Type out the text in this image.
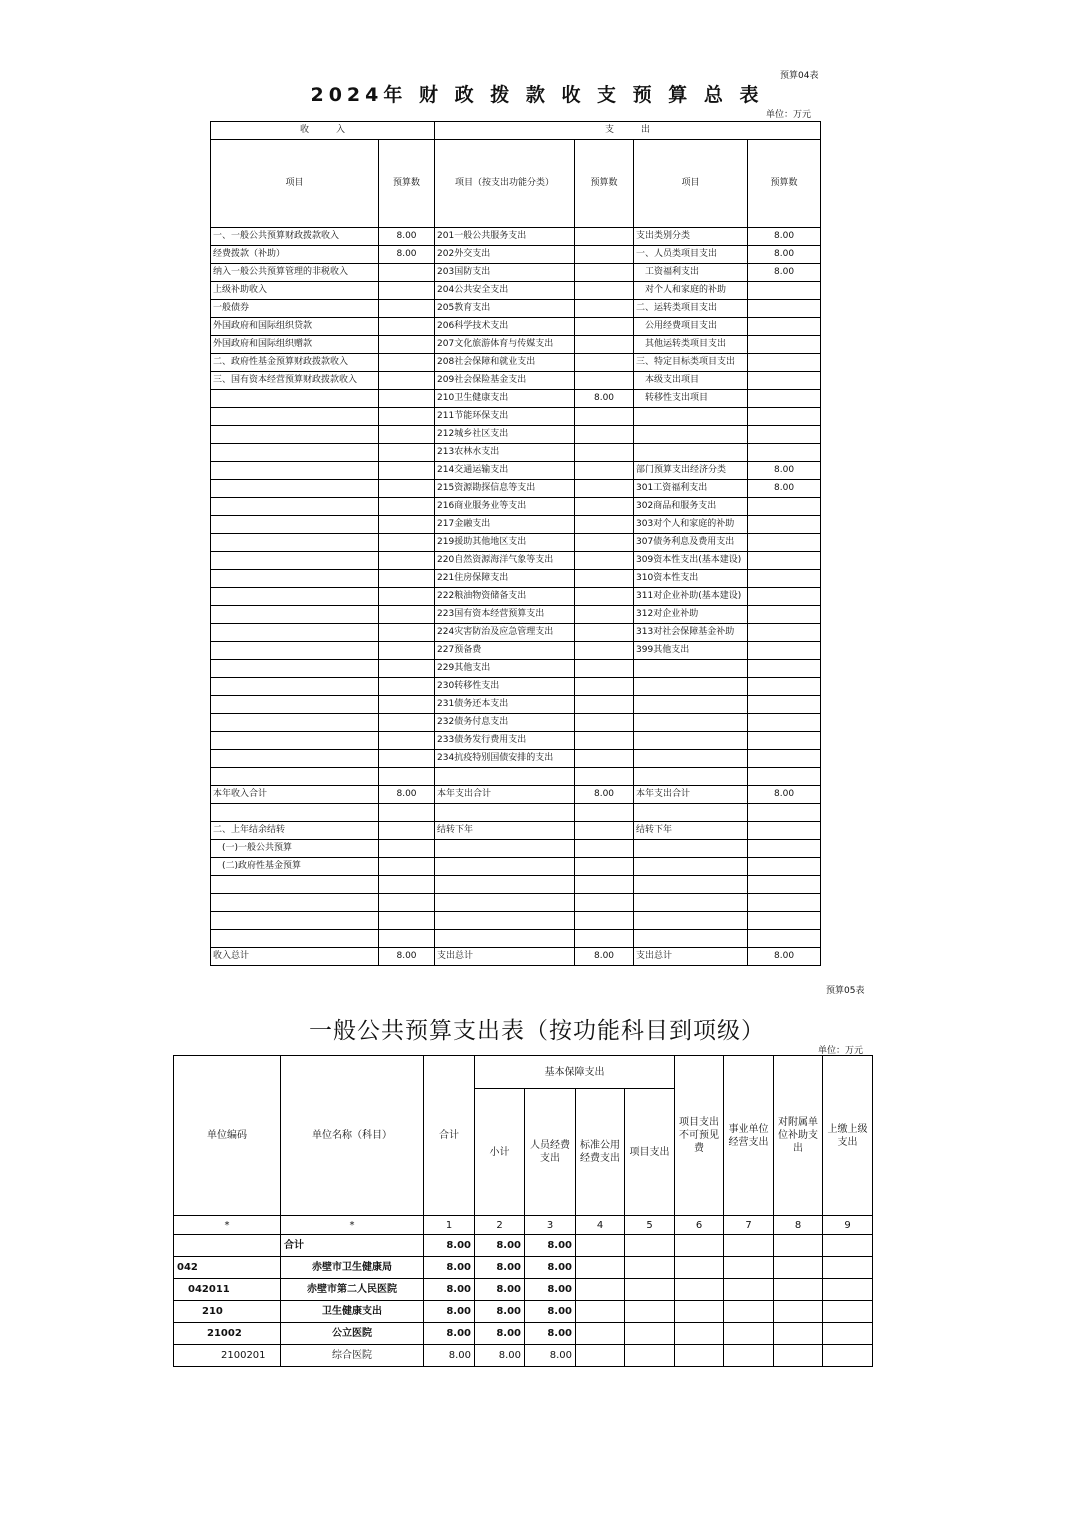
预算04表
2024年 财 政 拨 款 收 支 预 算 总 表
单位：万元
收　　　入		支　　　出			
项目	预算数	项目（按支出功能分类）	预算数	项目	预算数
一、一般公共预算财政拨款收入	8.00	201一般公共服务支出		支出类别分类	8.00
经费拨款（补助）	8.00	202外交支出		一、人员类项目支出	8.00
纳入一般公共预算管理的非税收入		203国防支出		　工资福利支出	8.00
上级补助收入		204公共安全支出		　对个人和家庭的补助	
一般债券		205教育支出		二、运转类项目支出	
外国政府和国际组织贷款		206科学技术支出		　公用经费项目支出	
外国政府和国际组织赠款		207文化旅游体育与传媒支出		　其他运转类项目支出	
二、政府性基金预算财政拨款收入		208社会保障和就业支出		三、特定目标类项目支出	
三、国有资本经营预算财政拨款收入		209社会保险基金支出		　本级支出项目	
		210卫生健康支出	8.00	　转移性支出项目	
		211节能环保支出			
		212城乡社区支出			
		213农林水支出			
		214交通运输支出		部门预算支出经济分类	8.00
		215资源勘探信息等支出		301工资福利支出	8.00
		216商业服务业等支出		302商品和服务支出	
		217金融支出		303对个人和家庭的补助	
		219援助其他地区支出		307债务利息及费用支出	
		220自然资源海洋气象等支出		309资本性支出(基本建设)	
		221住房保障支出		310资本性支出	
		222粮油物资储备支出		311对企业补助(基本建设)	
		223国有资本经营预算支出		312对企业补助	
		224灾害防治及应急管理支出		313对社会保障基金补助	
		227预备费		399其他支出	
		229其他支出			
		230转移性支出			
		231债务还本支出			
		232债务付息支出			
		233债务发行费用支出			
		234抗疫特别国债安排的支出			

本年收入合计	8.00	本年支出合计	8.00	本年支出合计	8.00

二、上年结余结转		结转下年		结转下年	
　(一)一般公共预算					
　(二)政府性基金预算					

收入总计	8.00	支出总计	8.00	支出总计	8.00
预算05表
一般公共预算支出表（按功能科目到项级）
单位：万元
单位编码	单位名称（科目）	合计	基本保障支出				项目支出不可预见费	事业单位经营支出	对附属单位补助支出	上缴上级支出
			小计	人员经费支出	标准公用经费支出	项目支出				
*	*	1	2	3	4	5	6	7	8	9
	合计	8.00	8.00	8.00						
042	赤壁市卫生健康局	8.00	8.00	8.00						
042011	赤壁市第二人民医院	8.00	8.00	8.00						
210	卫生健康支出	8.00	8.00	8.00						
21002	公立医院	8.00	8.00	8.00						
2100201	综合医院	8.00	8.00	8.00						
